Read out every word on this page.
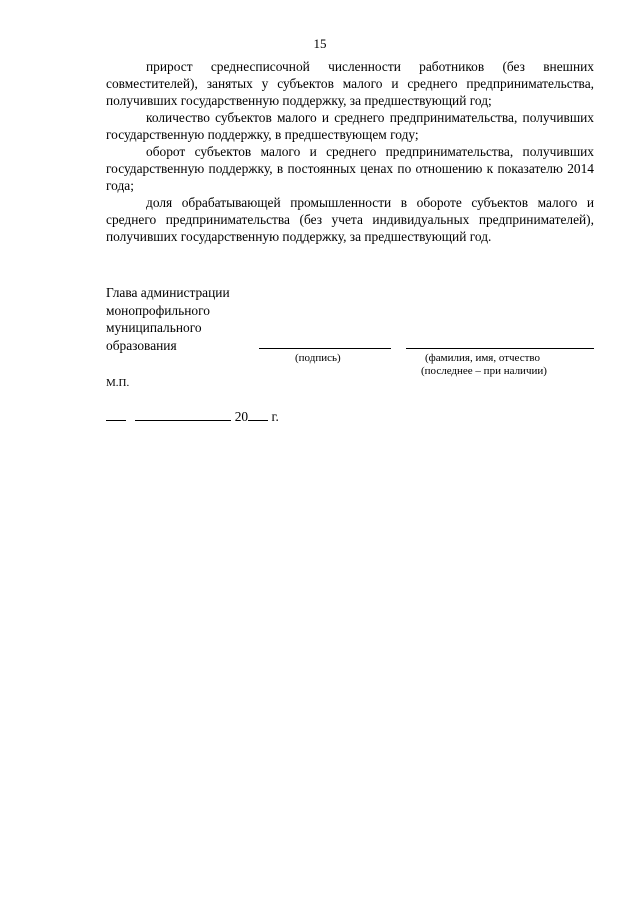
15

прирост среднесписочной численности работников (без внешних совместителей), занятых у субъектов малого и среднего предпринимательства, получивших государственную поддержку, за предшествующий год;

количество субъектов малого и среднего предпринимательства, получивших государственную поддержку, в предшествующем году;

оборот субъектов малого и среднего предпринимательства, получивших государственную поддержку, в постоянных ценах по отношению к показателю 2014 года;

доля обрабатывающей промышленности в обороте субъектов малого и среднего предпринимательства (без учета индивидуальных предпринимателей), получивших государственную поддержку, за предшествующий год.

Глава администрации
монопрофильного
муниципального
образования
(подпись)	(фамилия, имя, отчество
(последнее – при наличии)
М.П.
20 г.
